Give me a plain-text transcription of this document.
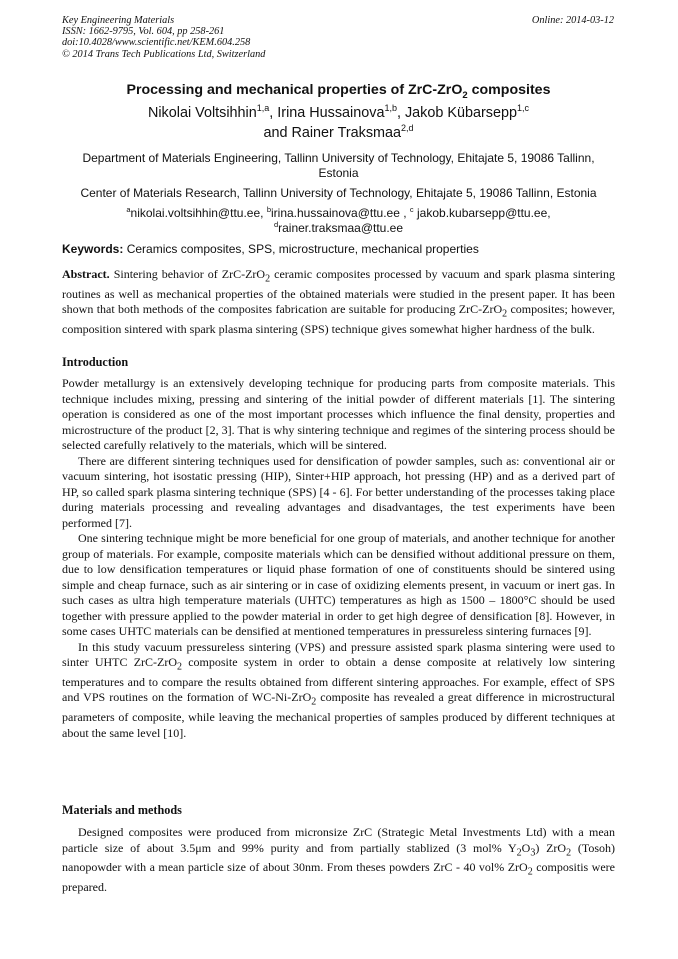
Key Engineering Materials
ISSN: 1662-9795, Vol. 604, pp 258-261
doi:10.4028/www.scientific.net/KEM.604.258
© 2014 Trans Tech Publications Ltd, Switzerland
Online: 2014-03-12
Processing and mechanical properties of ZrC-ZrO$_2$ composites
Nikolai Voltsihhin$^{1,a}$, Irina Hussainova$^{1,b}$, Jakob Kübarsepp$^{1,c}$
and Rainer Traksmaa$^{2,d}$
Department of Materials Engineering, Tallinn University of Technology, Ehitajate 5, 19086 Tallinn, Estonia
Center of Materials Research, Tallinn University of Technology, Ehitajate 5, 19086 Tallinn, Estonia
$^a$nikolai.voltsihhin@ttu.ee, $^b$irina.hussainova@ttu.ee , $^c$ jakob.kubarsepp@ttu.ee,
$^d$rainer.traksmaa@ttu.ee
Keywords: Ceramics composites, SPS, microstructure, mechanical properties

Abstract. Sintering behavior of ZrC-ZrO$_2$ ceramic composites processed by vacuum and spark plasma sintering routines as well as mechanical properties of the obtained materials were studied in the present paper. It has been shown that both methods of the composites fabrication are suitable for producing ZrC-ZrO$_2$ composites; however, composition sintered with spark plasma sintering (SPS) technique gives somewhat higher hardness of the bulk.

Introduction

Powder metallurgy is an extensively developing technique for producing parts from composite materials. This technique includes mixing, pressing and sintering of the initial powder of different materials [1]. The sintering operation is considered as one of the most important processes which influence the final density, properties and microstructure of the product [2, 3]. That is why sintering technique and regimes of the sintering process should be selected carefully relatively to the materials, which will be sintered.

There are different sintering techniques used for densification of powder samples, such as: conventional air or vacuum sintering, hot isostatic pressing (HIP), Sinter+HIP approach, hot pressing (HP) and as a derived part of HP, so called spark plasma sintering technique (SPS) [4 - 6]. For better understanding of the processes taking place during materials processing and revealing advantages and disadvantages, the test experiments have been performed [7].

One sintering technique might be more beneficial for one group of materials, and another technique for another group of materials. For example, composite materials which can be densified without additional pressure on them, due to low densification temperatures or liquid phase formation of one of constituents should be sintered using simple and cheap furnace, such as air sintering or in case of oxidizing elements present, in vacuum or inert gas. In such cases as ultra high temperature materials (UHTC) temperatures as high as 1500 – 1800°C should be used together with pressure applied to the powder material in order to get high degree of densification [8]. However, in some cases UHTC materials can be densified at mentioned temperatures in pressureless sintering furnaces [9].

In this study vacuum pressureless sintering (VPS) and pressure assisted spark plasma sintering were used to sinter UHTC ZrC-ZrO$_2$ composite system in order to obtain a dense composite at relatively low sintering temperatures and to compare the results obtained from different sintering approaches. For example, effect of SPS and VPS routines on the formation of WC-Ni-ZrO$_2$ composite has revealed a great difference in microstructural parameters of composite, while leaving the mechanical properties of samples produced by different techniques at about the same level [10].

Materials and methods

Designed composites were produced from micronsize ZrC (Strategic Metal Investments Ltd) with a mean particle size of about 3.5μm and 99% purity and from partially stablized (3 mol% $Y_2O_3$) ZrO$_2$ (Tosoh) nanopowder with a mean particle size of about 30nm. From theses powders ZrC - 40 vol% ZrO$_2$ compositis were prepared.
